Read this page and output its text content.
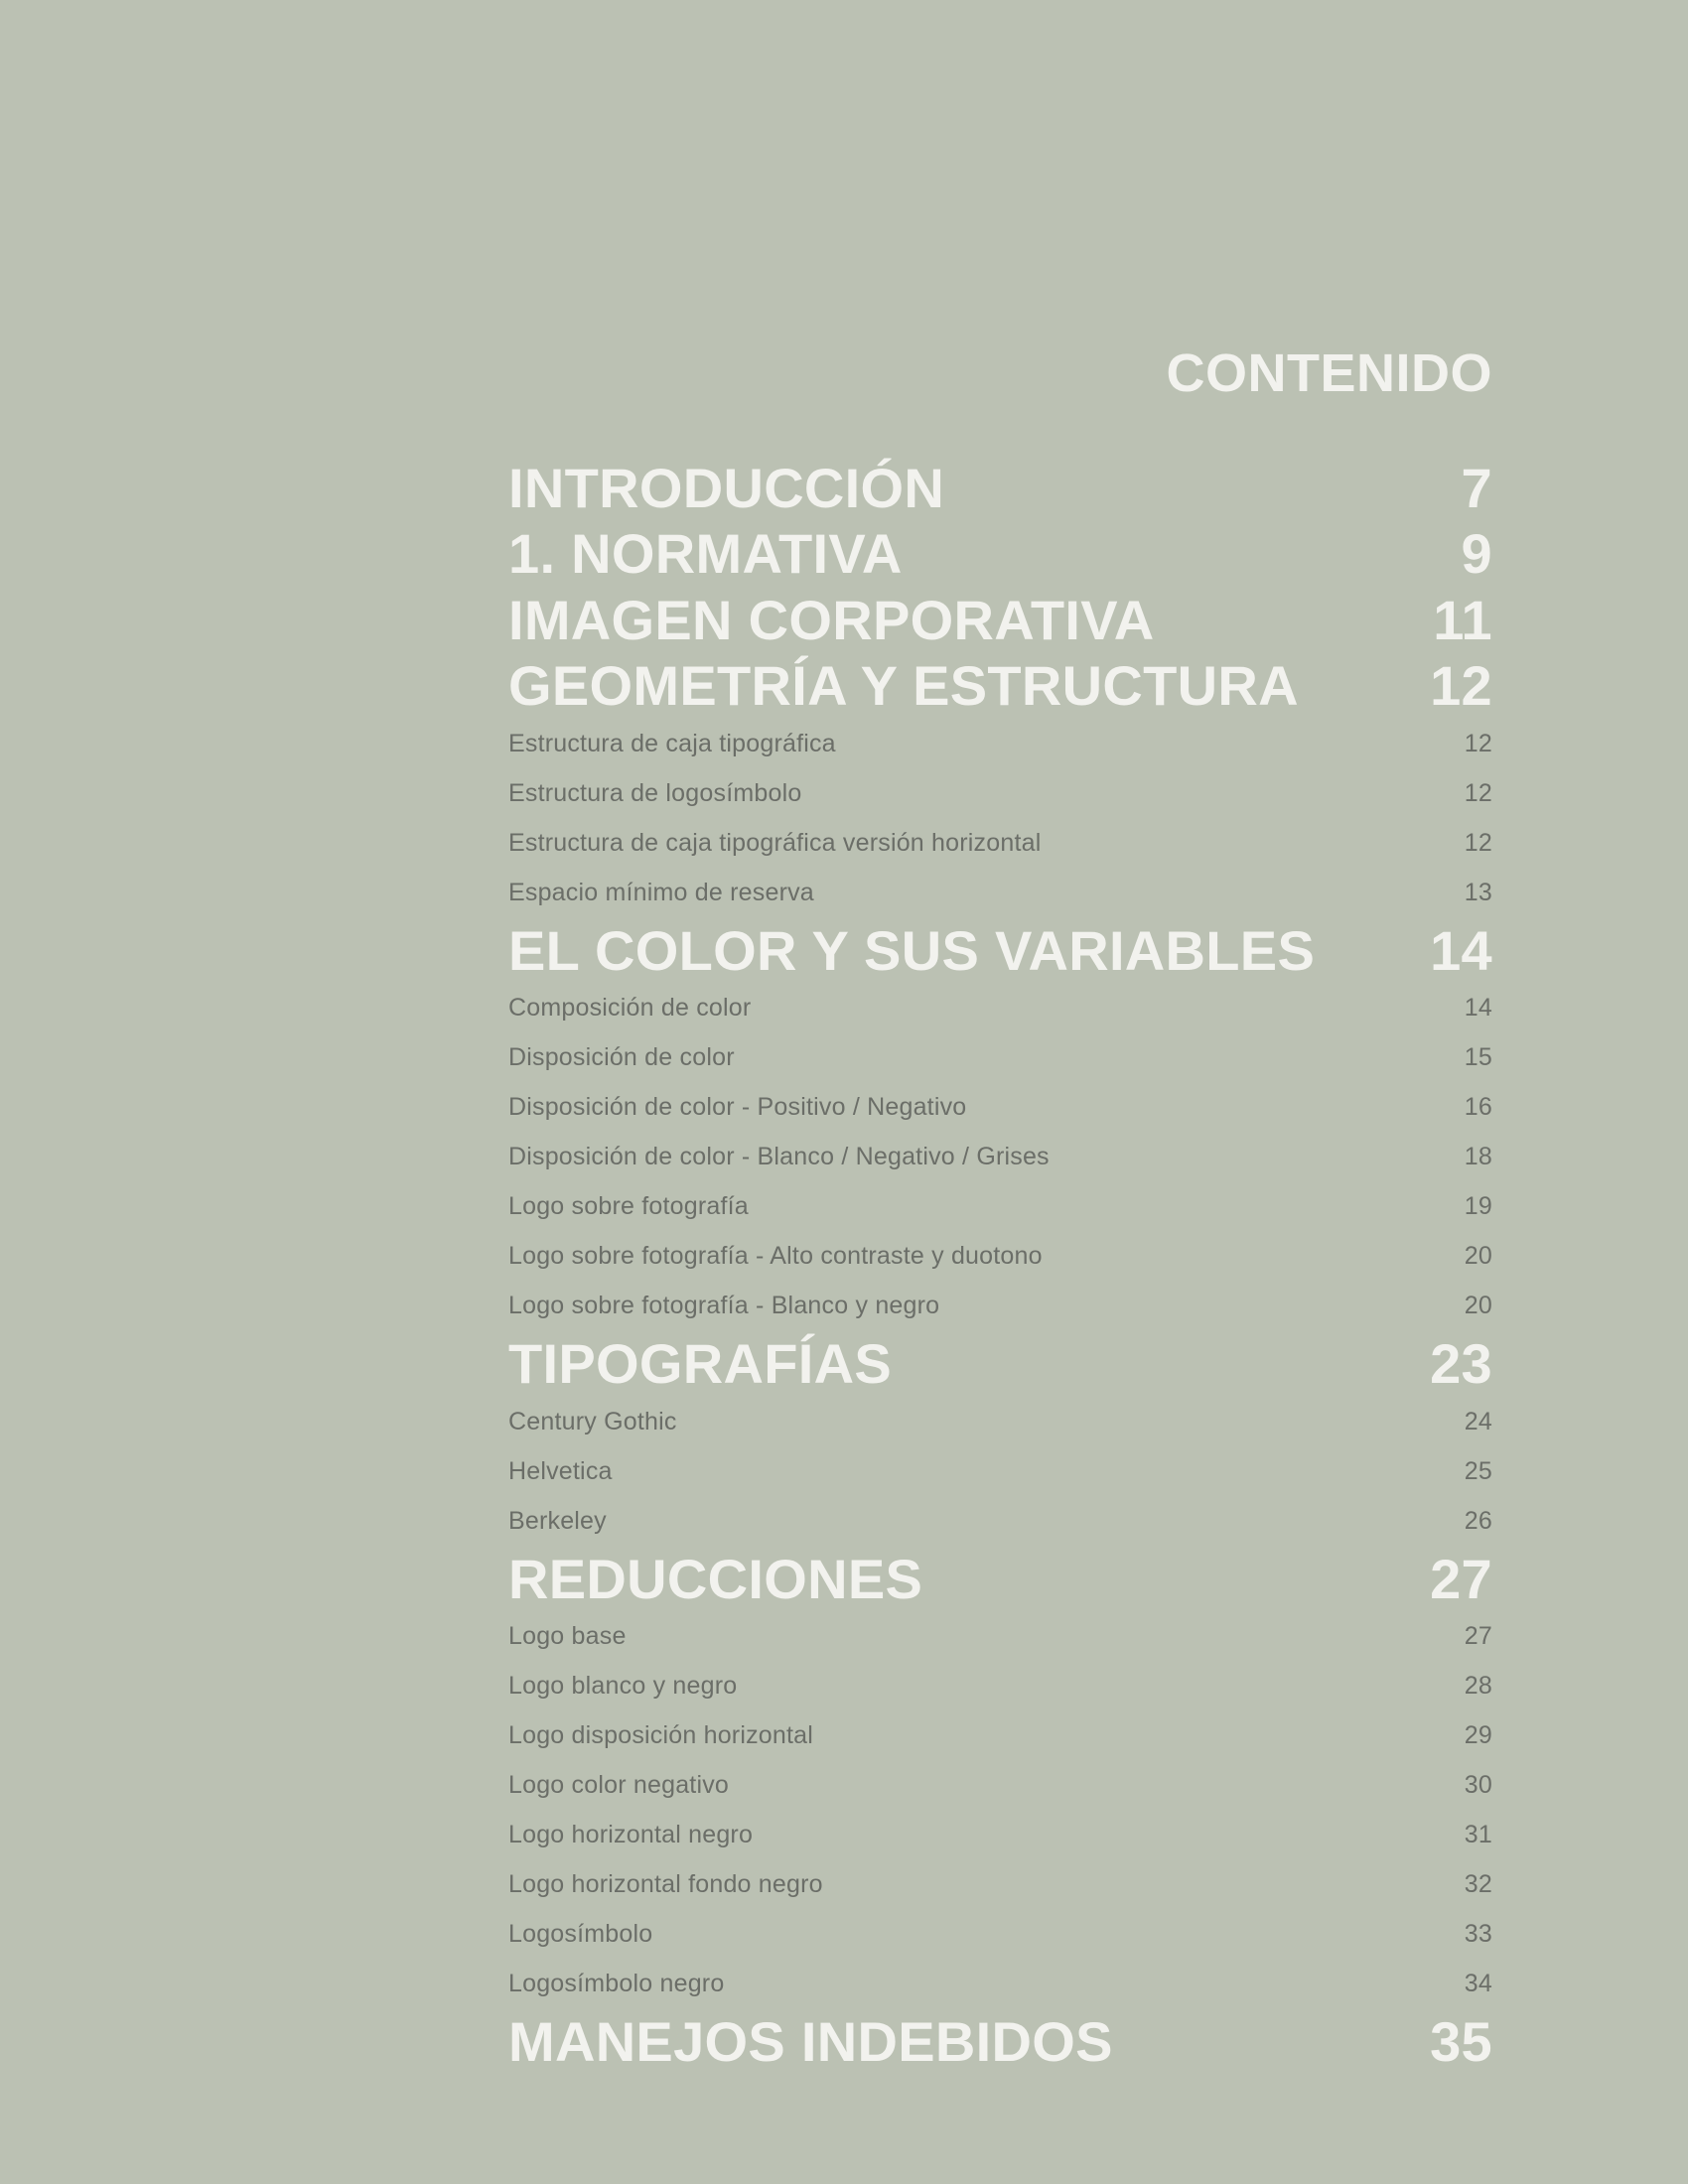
CONTENIDO
INTRODUCCIÓN	7
1. NORMATIVA	9
IMAGEN CORPORATIVA	11
GEOMETRÍA Y ESTRUCTURA 12
Estructura de caja tipográfica	12
Estructura de logosímbolo	12
Estructura de caja tipográfica versión horizontal	12
Espacio mínimo de reserva	13
EL COLOR Y SUS VARIABLES 14
Composición de color	14
Disposición de color	15
Disposición de color - Positivo / Negativo	16
Disposición de color - Blanco / Negativo / Grises	18
Logo sobre fotografía	19
Logo sobre fotografía - Alto contraste y duotono	20
Logo sobre fotografía - Blanco y negro	20
TIPOGRAFÍAS	23
Century Gothic	24
Helvetica	25
Berkeley	26
REDUCCIONES	27
Logo base	27
Logo blanco y negro	28
Logo disposición horizontal	29
Logo color negativo	30
Logo horizontal negro	31
Logo horizontal fondo negro	32
Logosímbolo	33
Logosímbolo negro	34
MANEJOS INDEBIDOS	35
